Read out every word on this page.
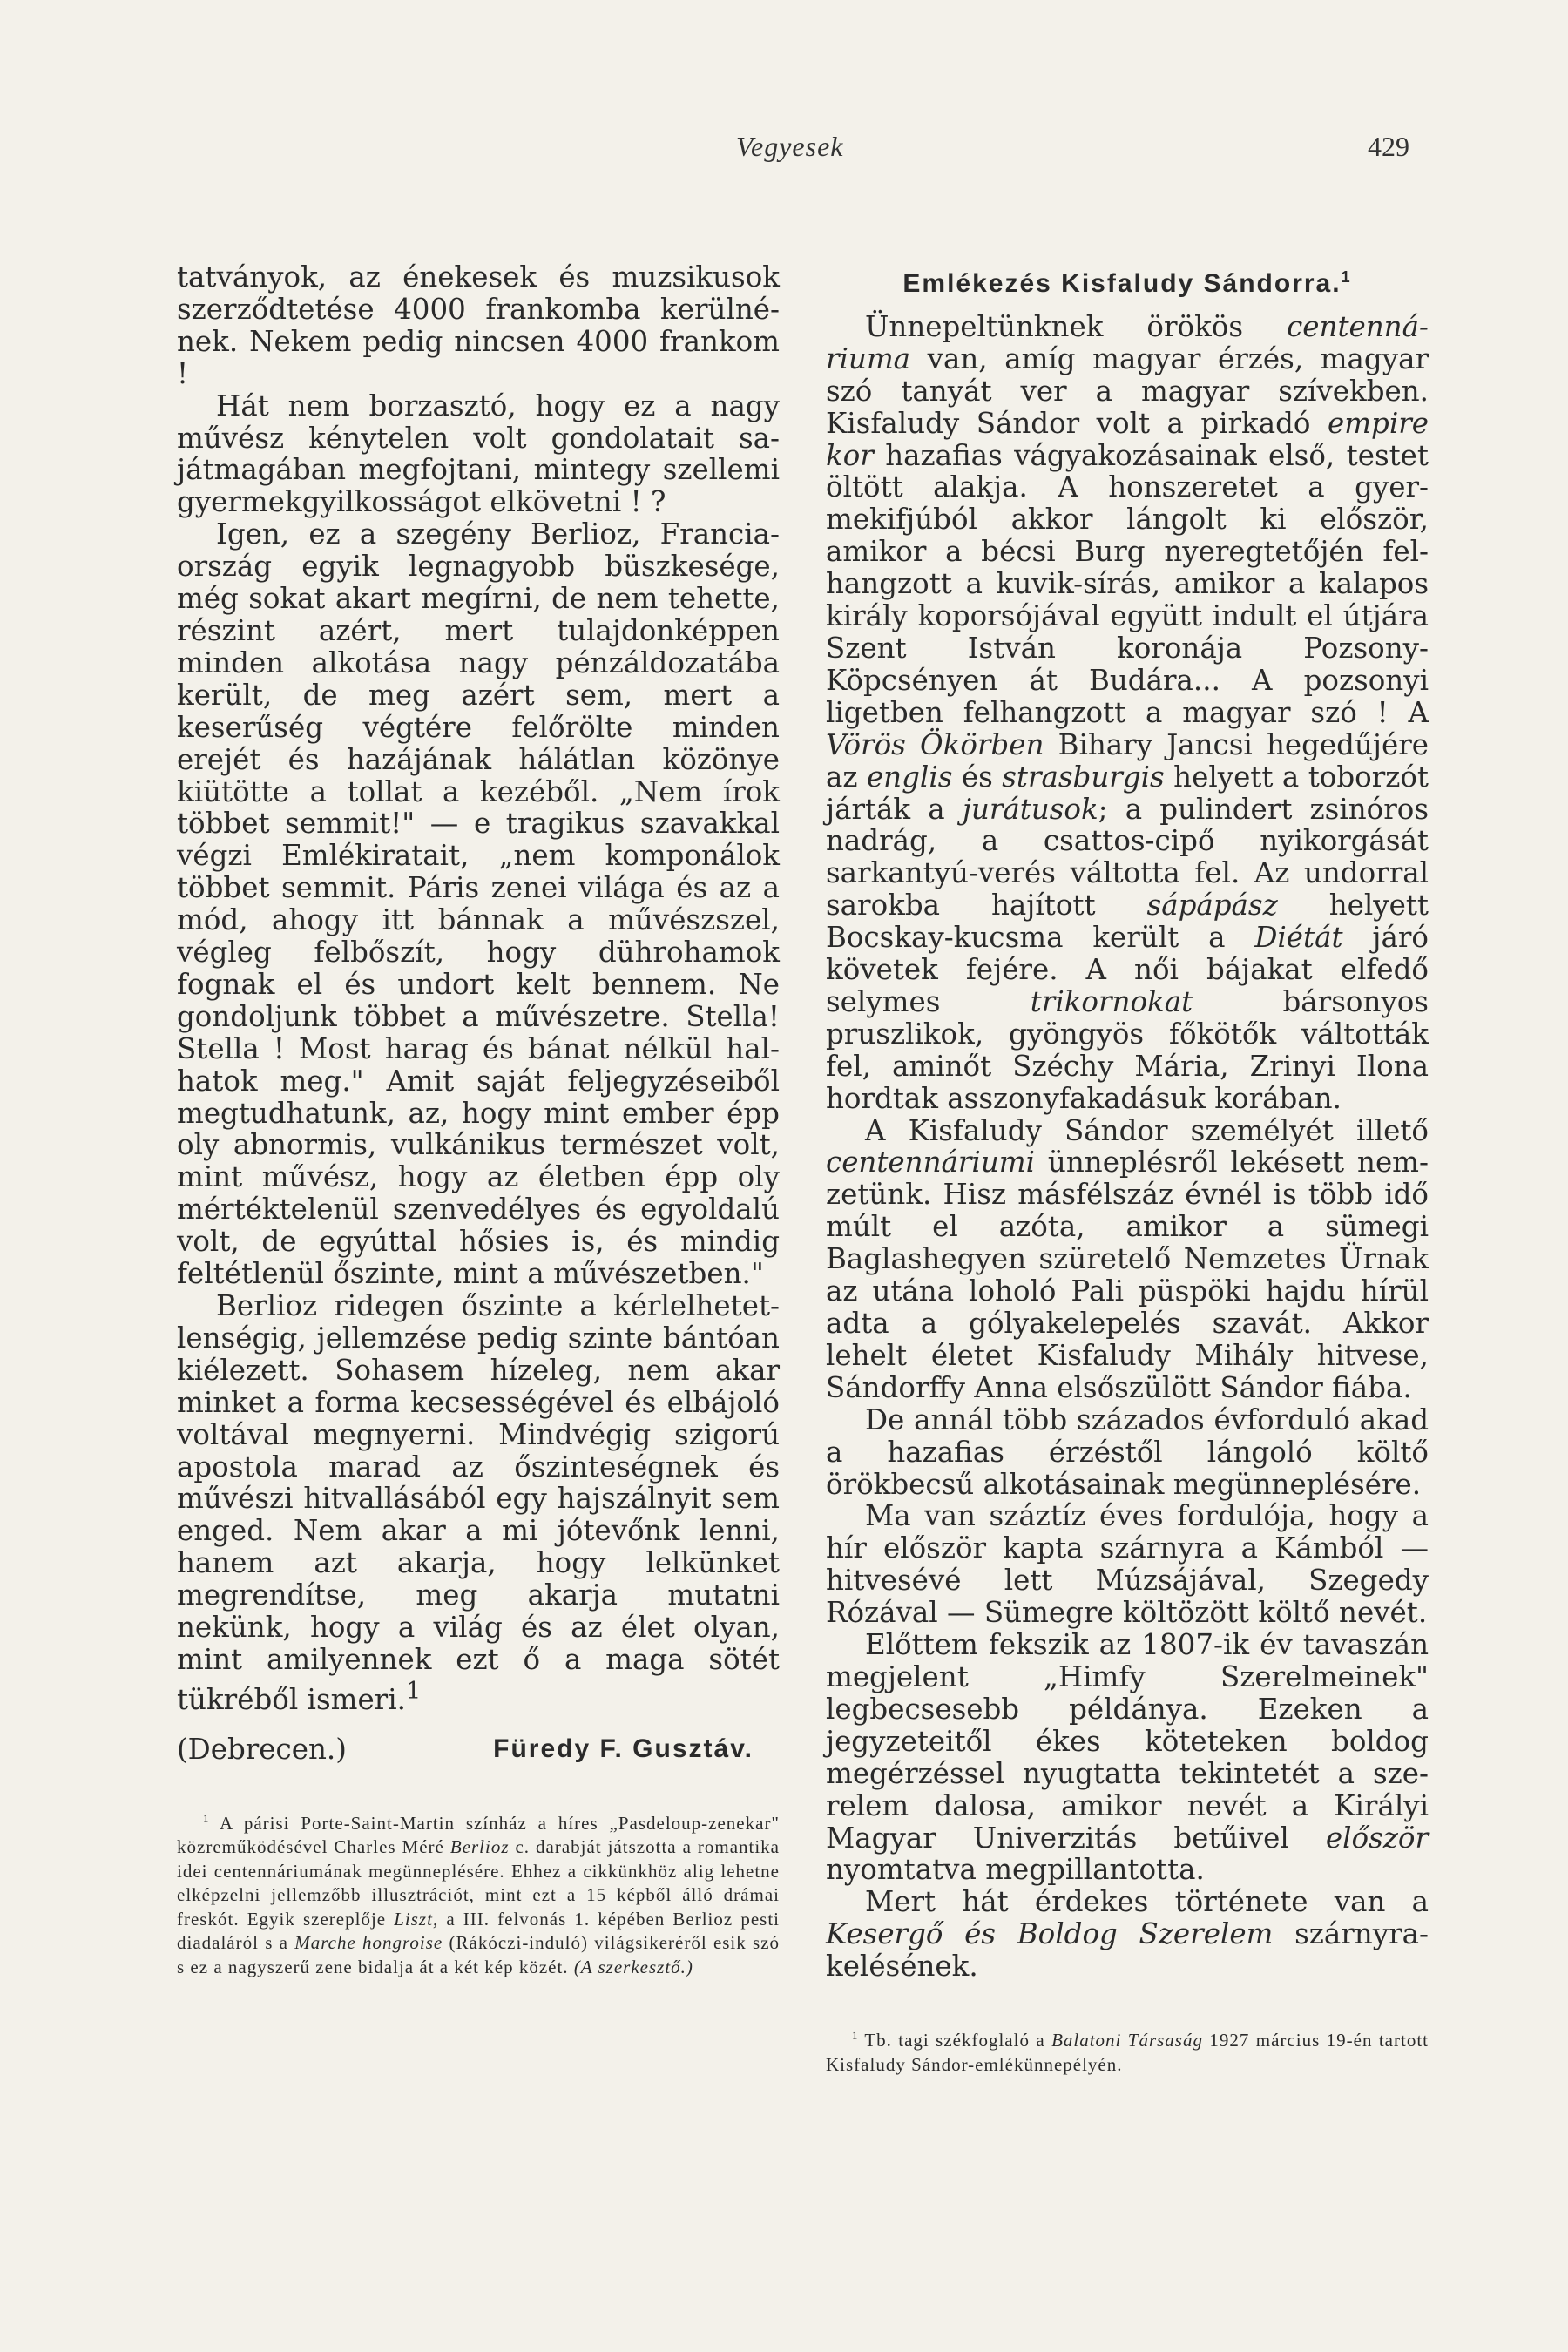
Vegyesek	429

tatványok, az énekesek és muzsikusok szerződtetése 4000 frankomba kerülnének. Nekem pedig nincsen 4000 frankom !

Hát nem borzasztó, hogy ez a nagy művész kénytelen volt gondolatait sajátmagában megfojtani, mintegy szellemi gyermekgyilkosságot elkövetni ! ?

Igen, ez a szegény Berlioz, Franciaország egyik legnagyobb büszkesége, még sokat akart megírni, de nem tehette, részint azért, mert tulajdonképpen minden alkotása nagy pénzáldozatába került, de meg azért sem, mert a keserűség végtére felőrölte minden erejét és hazájának hálátlan közönye kiütötte a tollat a kezéből. „Nem írok többet semmit!" — e tragikus szavakkal végzi Emlékiratait, „nem komponálok többet semmit. Páris zenei világa és az a mód, ahogy itt bánnak a művészszel, végleg felbőszít, hogy dührohamok fognak el és undort kelt bennem. Ne gondoljunk többet a művészetre. Stella! Stella ! Most harag és bánat nélkül halhatok meg." Amit saját feljegyzéseiből megtudhatunk, az, hogy mint ember épp oly abnormis, vulkánikus természet volt, mint művész, hogy az életben épp oly mértéktelenül szenvedélyes és egyoldalú volt, de egyúttal hősies is, és mindig feltétlenül őszinte, mint a művészetben."

Berlioz ridegen őszinte a kérlelhetetlenségig, jellemzése pedig szinte bántóan kiélezett. Sohasem hízeleg, nem akar minket a forma kecsességével és elbájoló voltával megnyerni. Mindvégig szigorú apostola marad az őszinteségnek és művészi hitvallásából egy hajszálnyit sem enged. Nem akar a mi jótevőnk lenni, hanem azt akarja, hogy lelkünket megrendítse, meg akarja mutatni nekünk, hogy a világ és az élet olyan, mint amilyennek ezt ő a maga sötét tükréből ismeri.$^1$

(Debrecen.)	Füredy F. Gusztáv.

$^1$ A párisi Porte-Saint-Martin színház a híres „Pasdeloup-zenekar" közreműködésével Charles Méré Berlioz c. darabját játszotta a romantika idei centennáriumának megünneplésére. Ehhez a cikkünkhöz alig lehetne elképzelni jellemzőbb illusztrációt, mint ezt a 15 képből álló drámai freskót. Egyik szereplője Liszt, a III. felvonás 1. képében Berlioz pesti diadaláról s a Marche hongroise (Rákóczi-induló) világsikeréről esik szó s ez a nagyszerű zene bidalja át a két kép közét. (A szerkesztő.)

Emlékezés Kisfaludy Sándorra.$^1$

Ünnepeltünknek örökös centennáriuma van, amíg magyar érzés, magyar szó tanyát ver a magyar szívekben. Kisfaludy Sándor volt a pirkadó empire kor hazafias vágyakozásainak első, testet öltött alakja. A honszeretet a gyermekifjúból akkor lángolt ki először, amikor a bécsi Burg nyeregtetőjén felhangzott a kuvik-sírás, amikor a kalapos király koporsójával együtt indult el útjára Szent István koronája Pozsony-Köpcsényen át Budára... A pozsonyi ligetben felhangzott a magyar szó ! A Vörös Ökörben Bihary Jancsi hegedűjére az englis és strasburgis helyett a toborzót járták a jurátusok; a pulindert zsinóros nadrág, a csattos-cipő nyikorgását sarkantyú-verés váltotta fel. Az undorral sarokba hajított sápápász helyett Bocskay-kucsma került a Diétát járó követek fejére. A női bájakat elfedő selymes	trikornokat	bársonyos pruszlikok, gyöngyös főkötők váltották fel, aminőt Széchy Mária, Zrinyi Ilona hordtak asszonyfakadásuk korában.

A Kisfaludy Sándor személyét illető centennáriumi ünneplésről lekésett nemzetünk. Hisz másfélszáz évnél is több idő múlt el azóta, amikor a sümegi Baglashegyen szüretelő Nemzetes Ürnak az utána loholó Pali püspöki hajdu hírül adta a gólyakelepelés szavát. Akkor lehelt életet Kisfaludy Mihály hitvese, Sándorffy Anna elsőszülött Sándor fiába.

De annál több százados évforduló akad a hazafias érzéstől lángoló költő örökbecsű alkotásainak megünneplésére.

Ma van száztíz éves fordulója, hogy a hír először kapta szárnyra a Kámból — hitvesévé lett Múzsájával, Szegedy Rózával — Sümegre költözött költő nevét.

Előttem fekszik az 1807-ik év tavaszán megjelent „Himfy Szerelmeinek" legbecsesebb példánya. Ezeken a jegyzeteitől ékes köteteken boldog megérzéssel nyugtatta tekintetét a szerelem dalosa, amikor nevét a Királyi Magyar Univerzitás betűivel először nyomtatva megpillantotta.

Mert hát érdekes története van a Kesergő és Boldog Szerelem szárnyrakelésének.

$^1$ Tb. tagi székfoglaló a Balatoni Társaság 1927 március 19-én tartott Kisfaludy Sándor-emlékünnepélyén.
